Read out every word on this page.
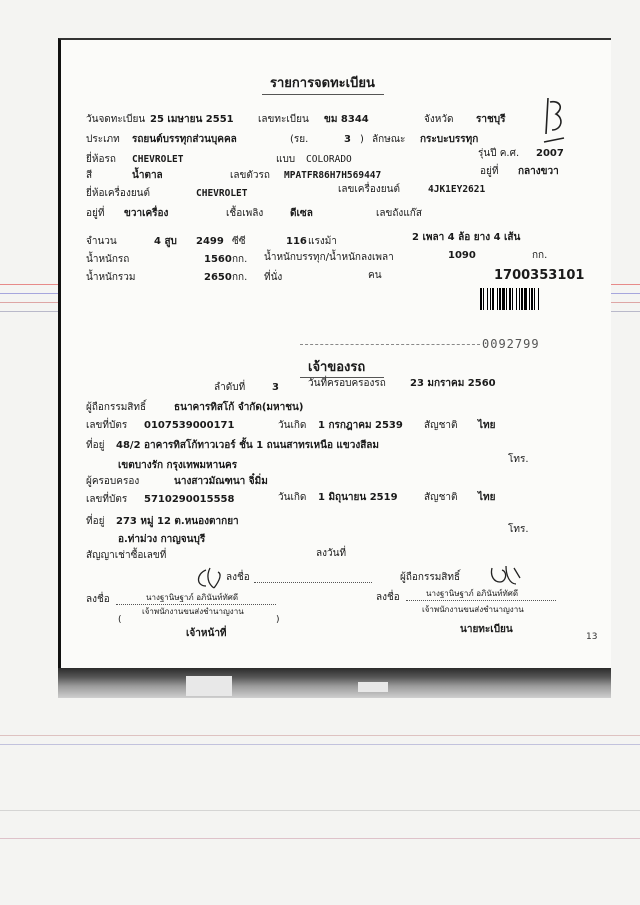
รายการจดทะเบียน
วันจดทะเบียน 25 เมษายน 2551 เลขทะเบียน ขม 8344	จังหวัด ราชบุรี
ประเภท รถยนต์บรรทุกส่วนบุคคล	(รย.	3 ) ลักษณะ กระบะบรรทุก
ยี่ห้อรถ CHEVROLET	แบบ COLORADO
รุ่นปี ค.ศ. 2007
สี	น้ำตาล	เลขตัวรถ MPATFR86H7H569447	อยู่ที่ กลางขวา
ยี่ห้อเครื่องยนต์	CHEVROLET	เลขเครื่องยนต์	4JK1EY2621
อยู่ที่ ขวาเครื่อง	เชื้อเพลิง	ดีเซล	เลขถังแก๊ส
จำนวน	4 สูบ 2499 ซีซี	116 แรงม้า	2 เพลา 4 ล้อ ยาง 4 เส้น
น้ำหนักรถ	1560 กก. น้ำหนักบรรทุก/น้ำหนักลงเพลา	1090	กก.
น้ำหนักรวม	2650 กก. ที่นั่ง	คน	1700353101
0092799
เจ้าของรถ
ลำดับที่	3	วันที่ครอบครองรถ 23 มกราคม 2560
ผู้ถือกรรมสิทธิ์	ธนาคารทิสโก้ จำกัด(มหาชน)
เลขที่บัตร 0107539000171	วันเกิด 1 กรกฎาคม 2539 สัญชาติ ไทย
ที่อยู่ 48/2 อาคารทิสโก้ทาวเวอร์ ชั้น 1 ถนนสาทรเหนือ แขวงสีลม
เขตบางรัก กรุงเทพมหานคร
โทร.
ผู้ครอบครอง	นางสาวมัณฑนา จิ๋มิ่ม
เลขที่บัตร 5710290015558	วันเกิด 1 มิถุนายน 2519	สัญชาติ ไทย
ที่อยู่ 273 หมู่ 12 ต.หนองตากยา
อ.ท่าม่วง กาญจนบุรี
โทร.
สัญญาเช่าซื้อเลขที่	ลงวันที่
ลงชื่อ	ผู้ถือกรรมสิทธิ์
ลงชื่อ	นางฐานิษฐาภ์ อภินันท์ทัศดี
เจ้าพนักงานขนส่งชำนาญงาน
(	)
เจ้าหน้าที่
ลงชื่อ	นางฐานิษฐาภ์ อภินันท์ทัศดี
เจ้าพนักงานขนส่งชำนาญงาน
นายทะเบียน
13
